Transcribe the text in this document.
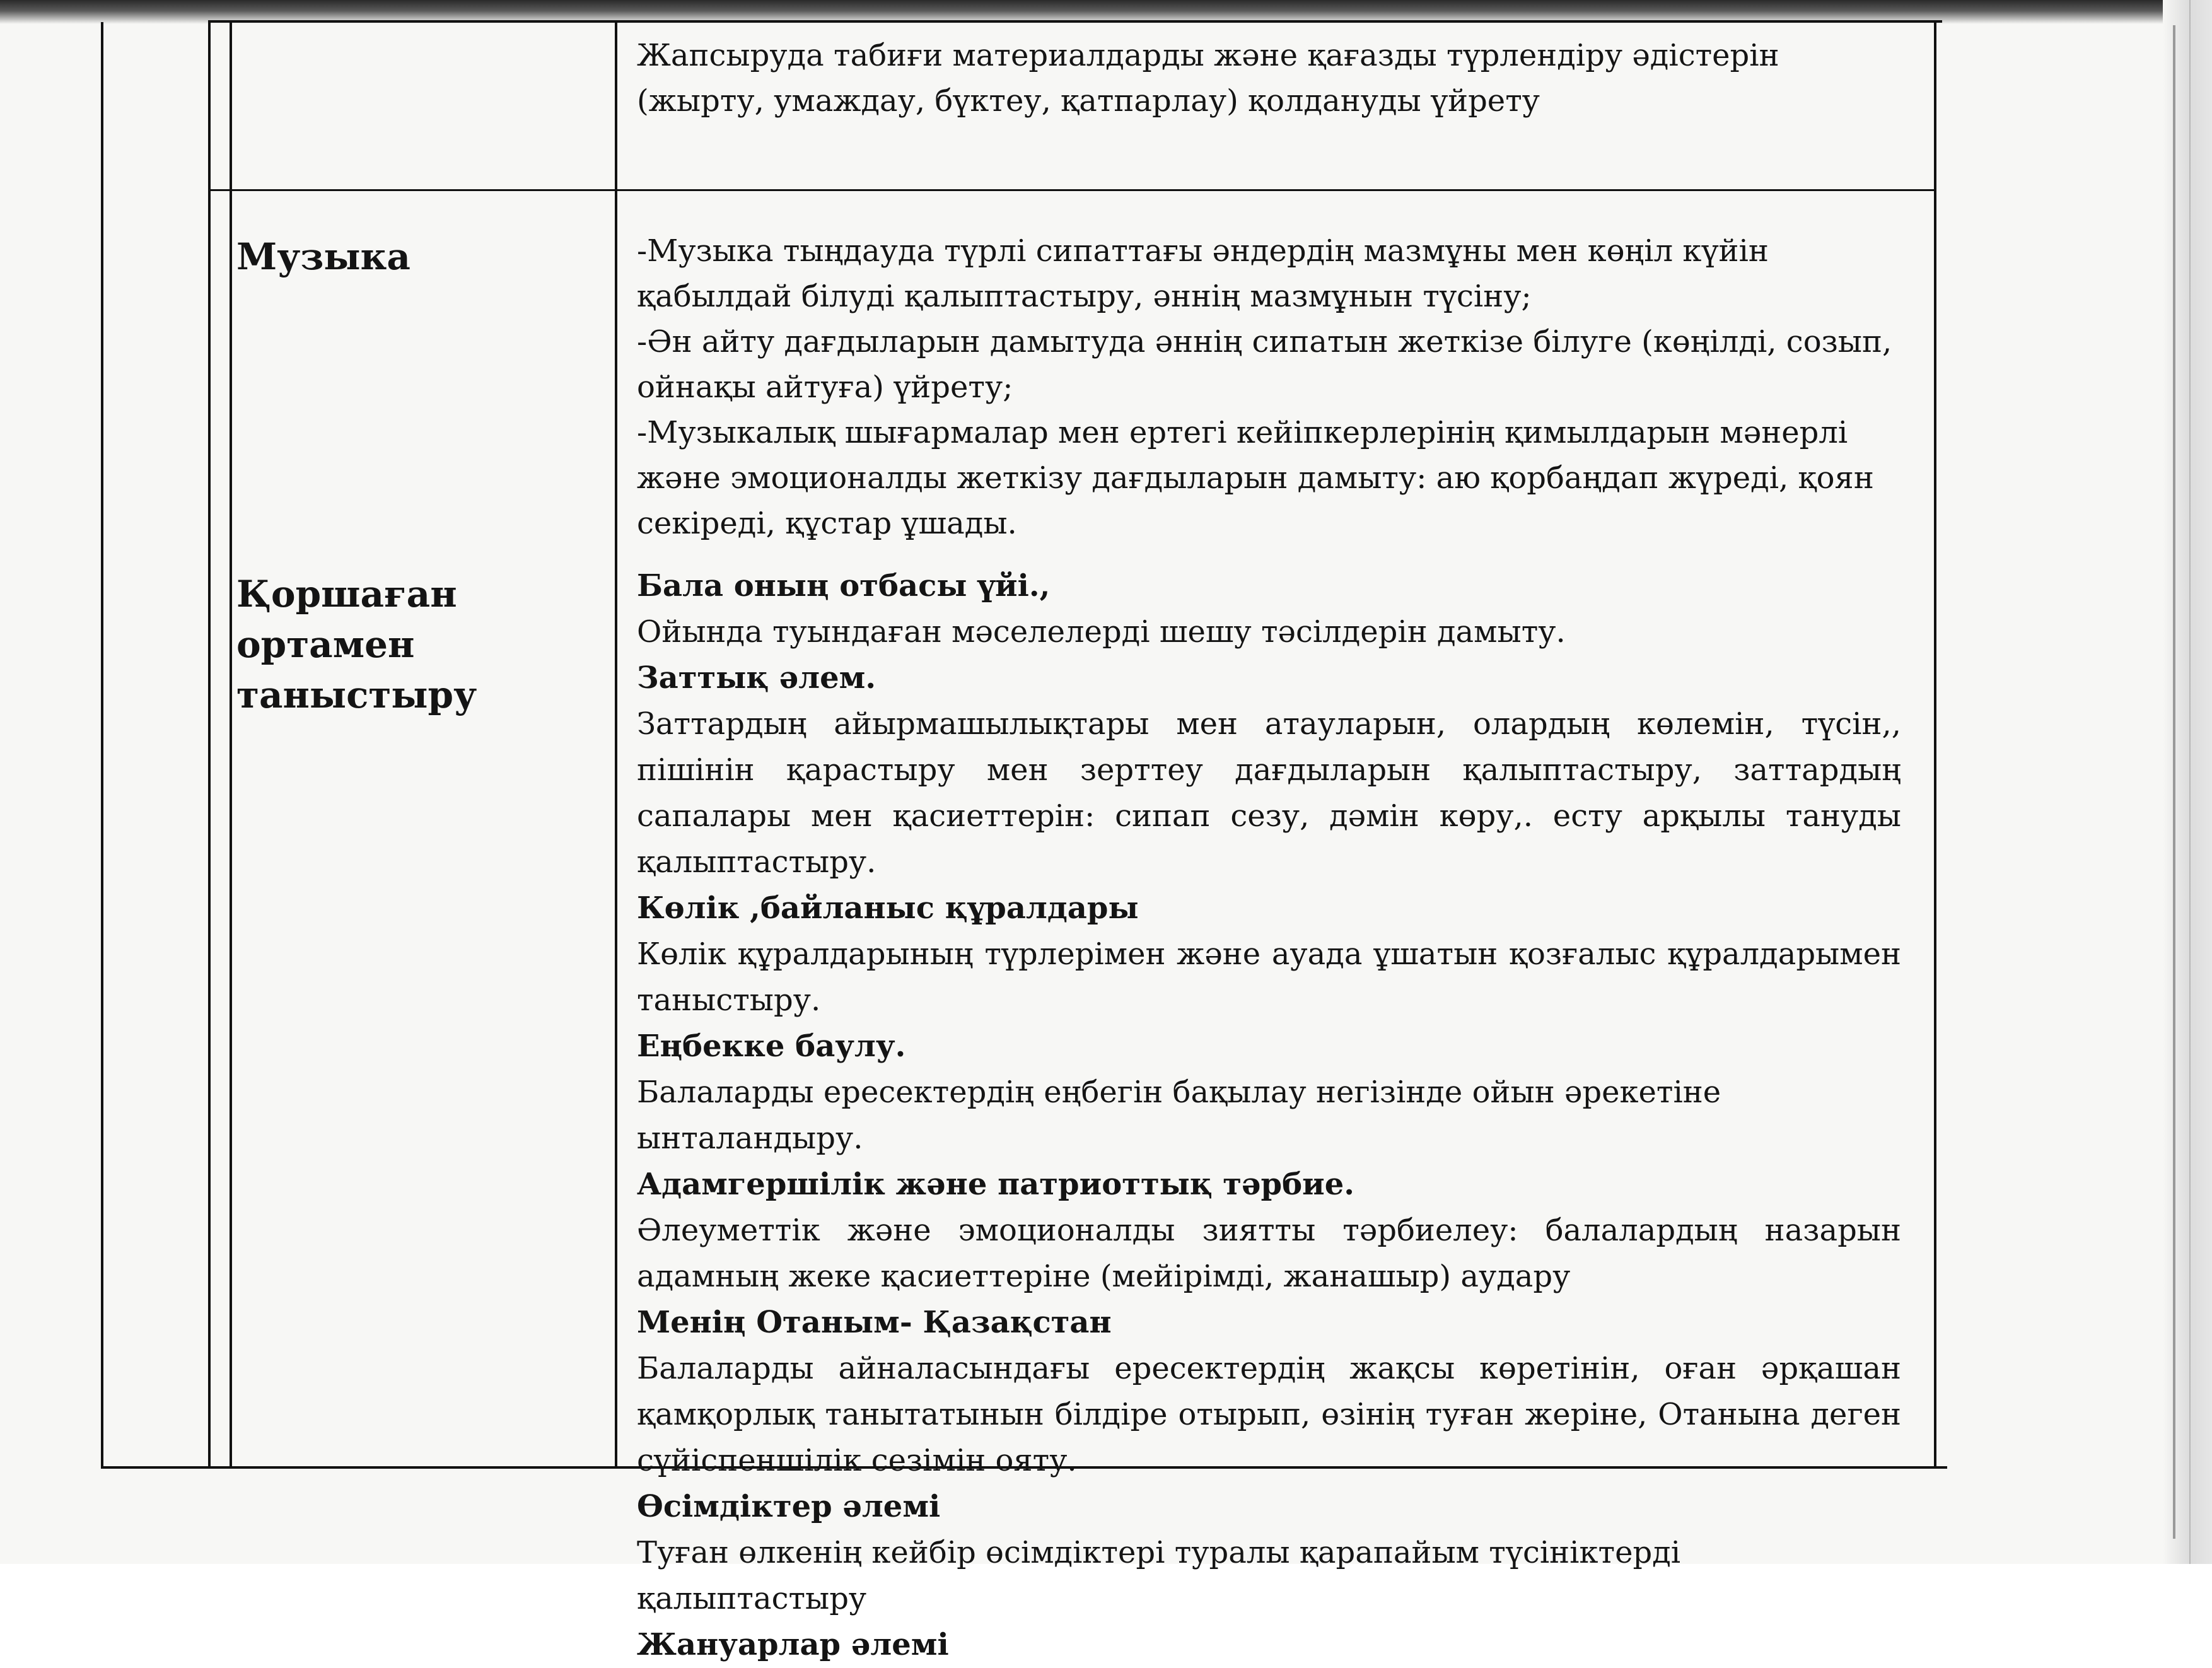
Жапсыруда табиғи материалдарды және қағазды түрлендіру әдістерін (жырту, умаждау, бүктеу, қатпарлау) қолдануды үйрету

Музыка	-Музыка тыңдауда түрлі сипаттағы әндердің мазмұны мен көңіл күйін қабылдай білуді қалыптастыру, әннің мазмұнын түсіну;

-Ән айту дағдыларын дамытуда әннің сипатын жеткізе білуге (көңілді, созып, ойнақы айтуға) үйрету;

-Музыкалық шығармалар мен ертегі кейіпкерлерінің қимылдарын мәнерлі және эмоционалды жеткізу дағдыларын дамыту: аю қорбаңдап жүреді, қоян секіреді, құстар ұшады.

Қоршаған ортамен таныстыру

Бала оның отбасы үйі.,

Ойында туындаған мәселелерді шешу тәсілдерін дамыту.

Заттық әлем.

Заттардың айырмашылықтары мен атауларын, олардың көлемін, түсін,, пішінін қарастыру мен зерттеу дағдыларын қалыптастыру, заттардың сапалары мен қасиеттерін: сипап сезу, дәмін көру,. есту арқылы тануды қалыптастыру.

Көлік ,байланыс құралдары

Көлік құралдарының түрлерімен және ауада ұшатын қозғалыс құралдарымен таныстыру.

Еңбекке баулу.

Балаларды ересектердің еңбегін бақылау негізінде ойын әрекетіне ынталандыру.

Адамгершілік және патриоттық тәрбие.

Әлеуметтік және эмоционалды зиятты тәрбиелеу: балалардың назарын адамның жеке қасиеттеріне (мейірімді, жанашыр) аудару

Менің Отаным- Қазақстан

Балаларды айналасындағы ересектердің жақсы көретінін, оған әрқашан қамқорлық танытатынын білдіре отырып, өзінің туған жеріне, Отанына деген сүйіспеншілік сезімін ояту.

Өсімдіктер әлемі

Туған өлкенің кейбір өсімдіктері туралы қарапайым түсініктерді қалыптастыру

Жануарлар әлемі
